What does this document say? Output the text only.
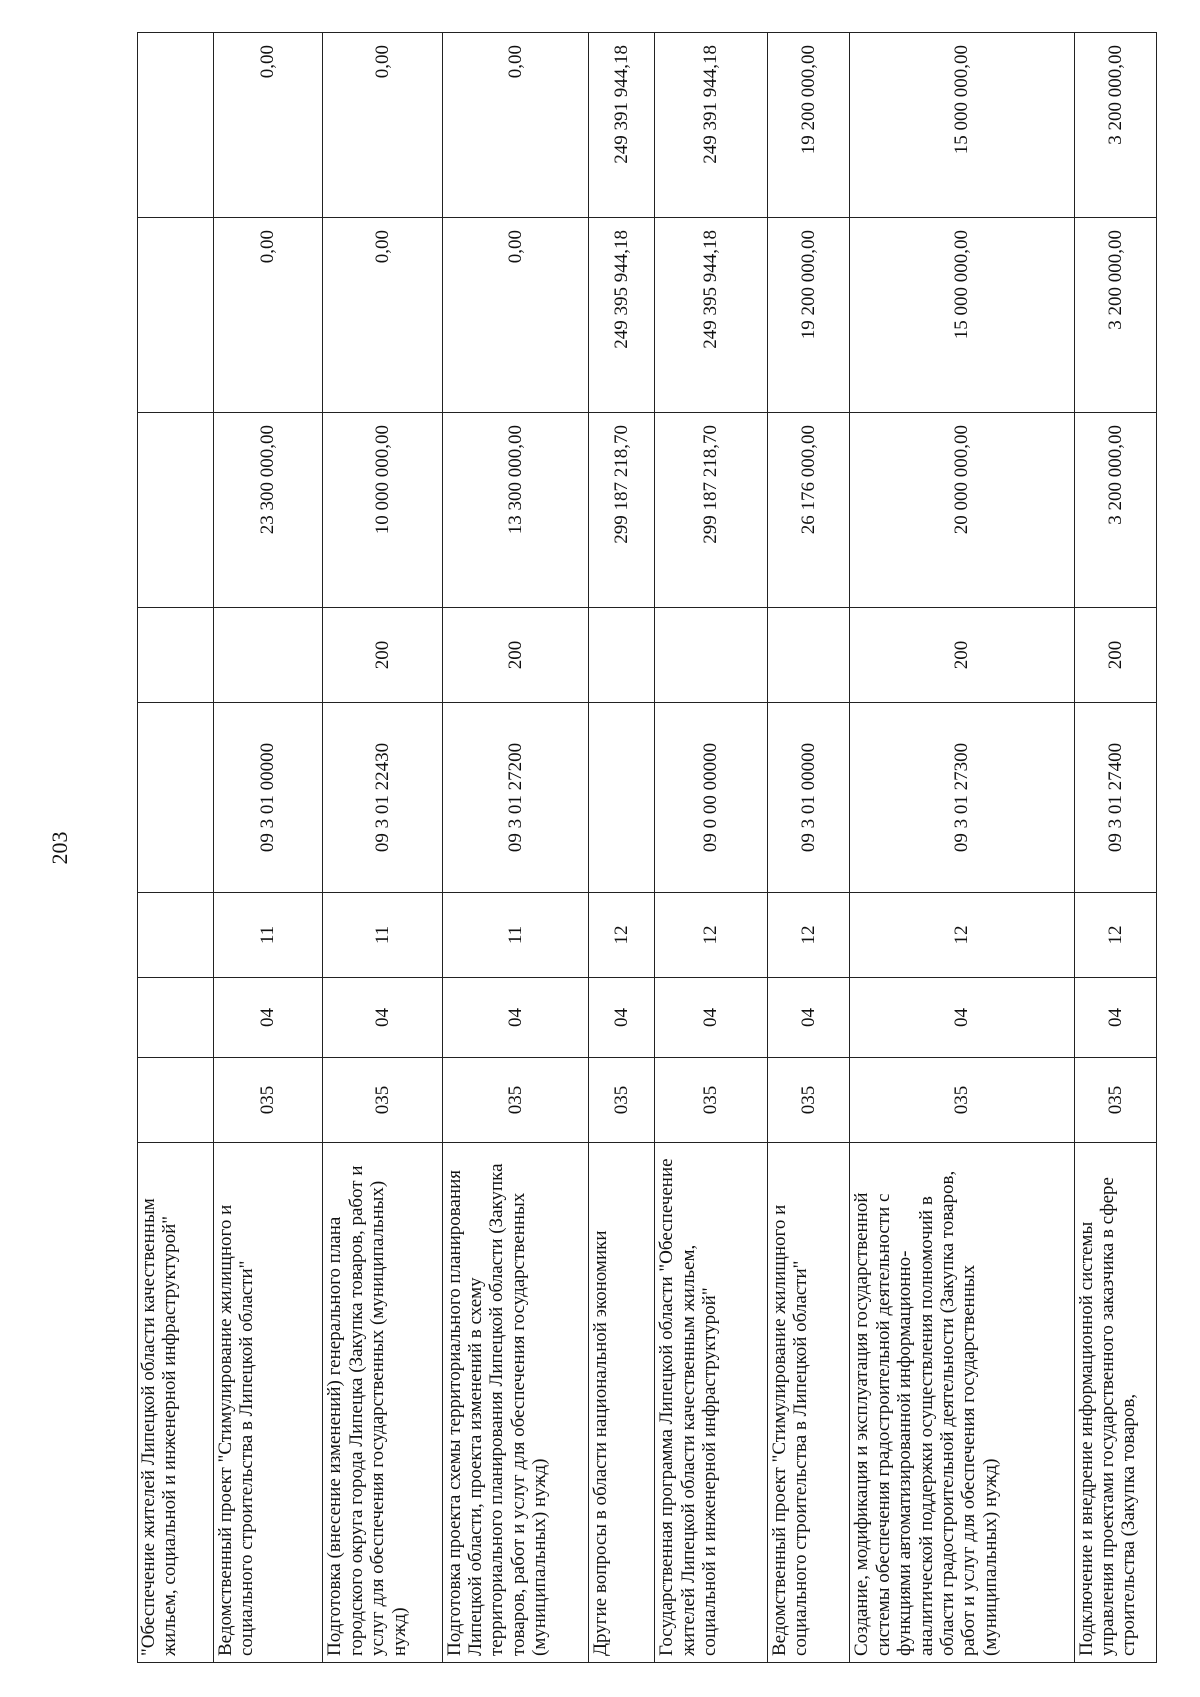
203
"Обеспечение жителей Липецкой области качественным жильем, социальной и инженерной инфраструктурой"								
Ведомственный проект "Стимулирование жилищного и социального строительства в Липецкой области"	035	04	11	09 3 01 00000		23 300 000,00	0,00	0,00
Подготовка (внесение изменений) генерального плана городского округа города Липецка (Закупка товаров, работ и услуг для обеспечения государственных (муниципальных) нужд)	035	04	11	09 3 01 22430	200	10 000 000,00	0,00	0,00
Подготовка проекта схемы территориального планирования Липецкой области, проекта изменений в схему территориального планирования Липецкой области (Закупка товаров, работ и услуг для обеспечения государственных (муниципальных) нужд)	035	04	11	09 3 01 27200	200	13 300 000,00	0,00	0,00
Другие вопросы в области национальной экономики	035	04	12			299 187 218,70	249 395 944,18	249 391 944,18
Государственная программа Липецкой области "Обеспечение жителей Липецкой области качественным жильем, социальной и инженерной инфраструктурой"	035	04	12	09 0 00 00000		299 187 218,70	249 395 944,18	249 391 944,18
Ведомственный проект "Стимулирование жилищного и социального строительства в Липецкой области"	035	04	12	09 3 01 00000		26 176 000,00	19 200 000,00	19 200 000,00
Создание, модификация и эксплуатация государственной системы обеспечения градостроительной деятельности с функциями автоматизированной информационно-аналитической поддержки осуществления полномочий в области градостроительной деятельности (Закупка товаров, работ и услуг для обеспечения государственных (муниципальных) нужд)	035	04	12	09 3 01 27300	200	20 000 000,00	15 000 000,00	15 000 000,00
Подключение и внедрение информационной системы управления проектами государственного заказчика в сфере строительства (Закупка товаров,	035	04	12	09 3 01 27400	200	3 200 000,00	3 200 000,00	3 200 000,00
